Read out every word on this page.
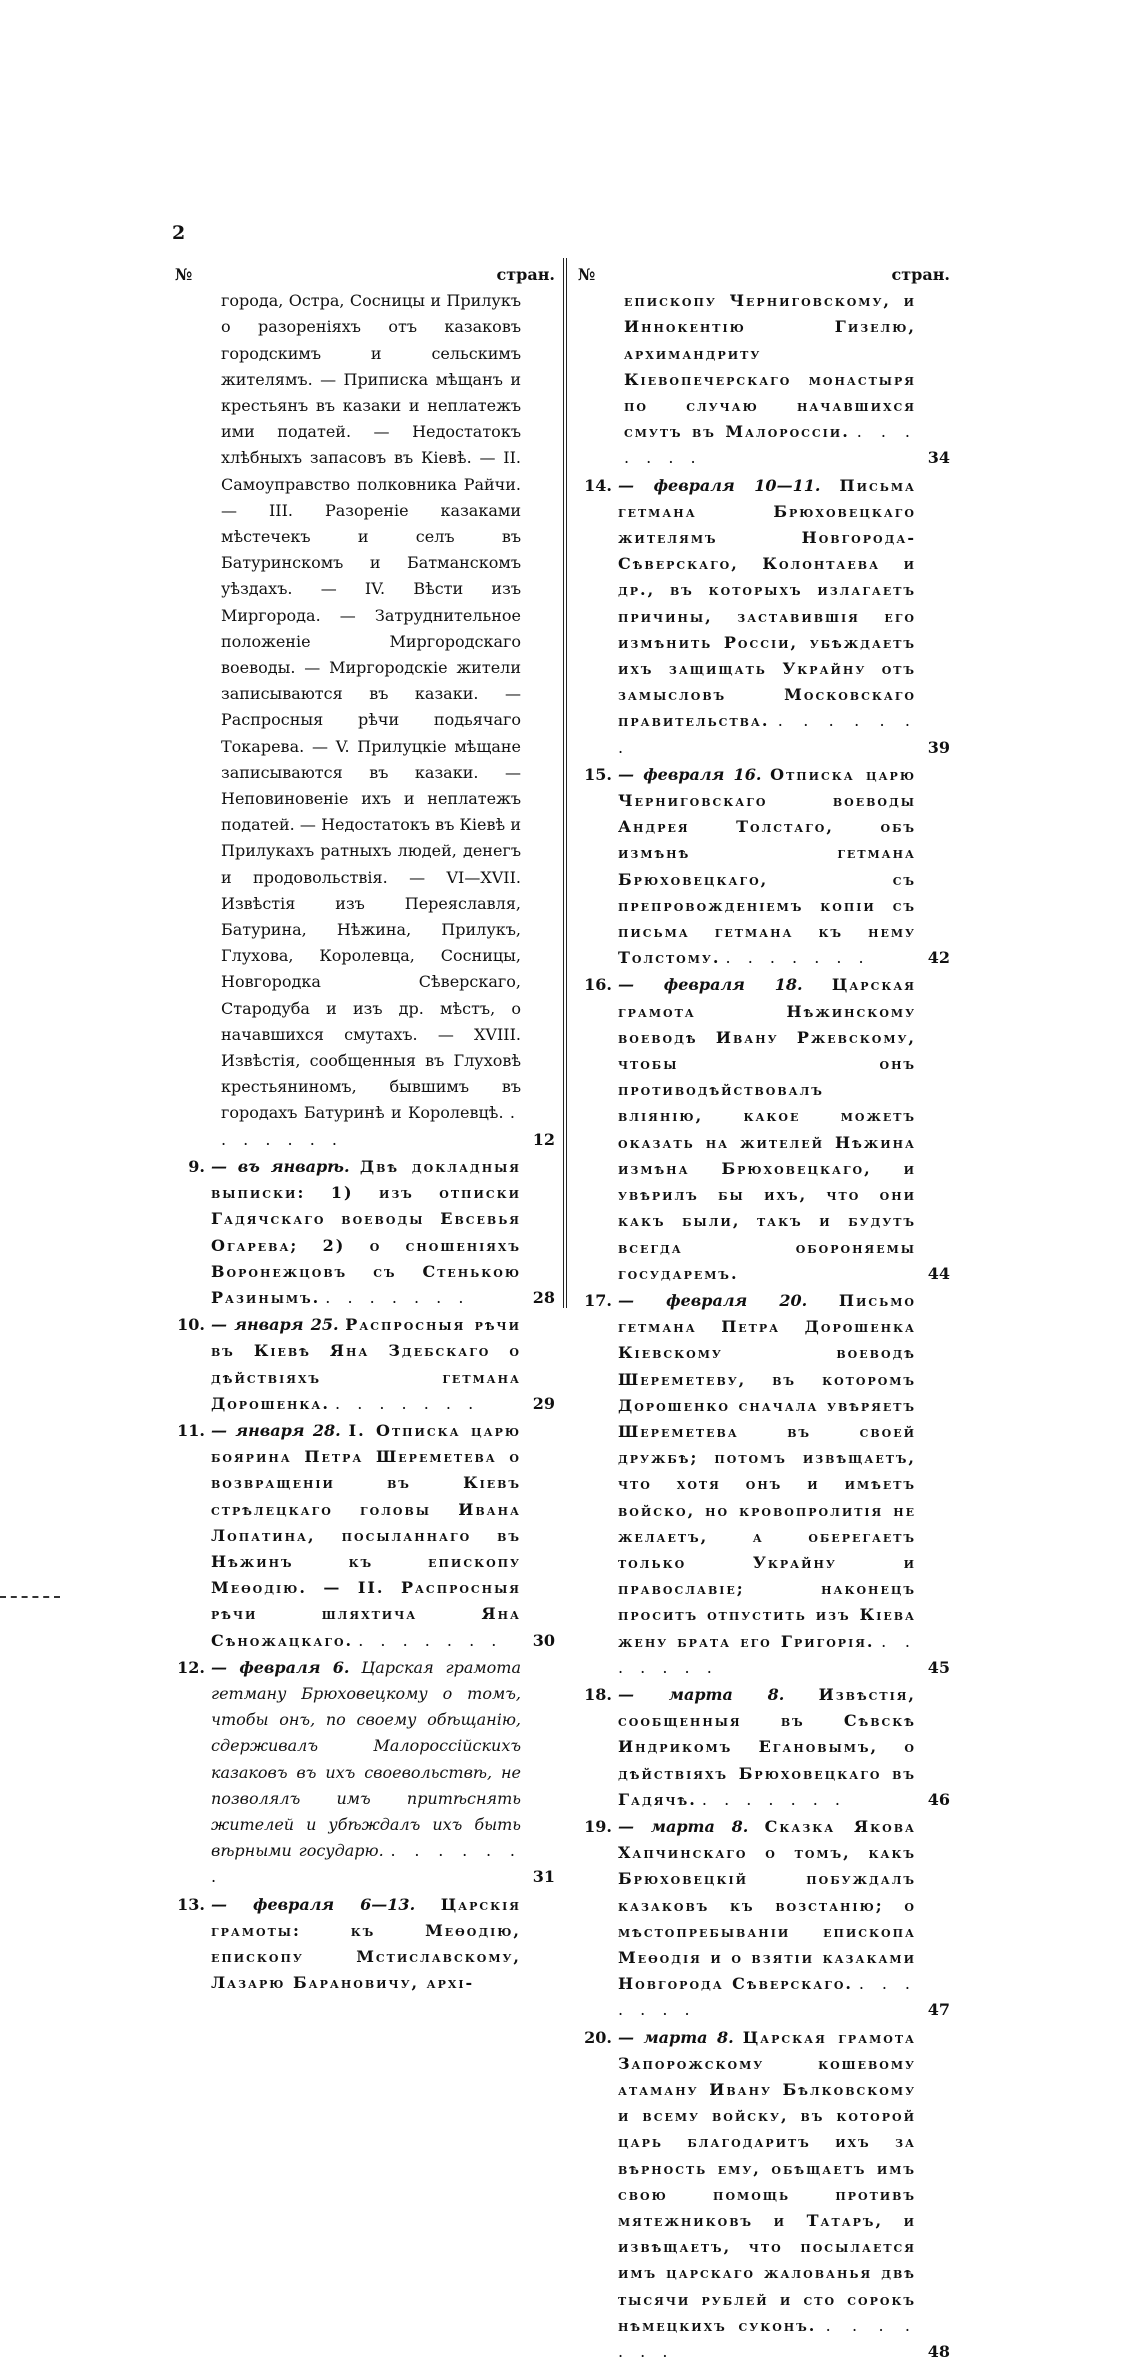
2
№	стран.
города, Остра, Сосницы и Прилукъ о разореніяхъ отъ казаковъ городскимъ и сельскимъ жителямъ. — Приписка мѣщанъ и крестьянъ въ казаки и неплатежъ ими податей. — Недостатокъ хлѣбныхъ запасовъ въ Кіевѣ. — II. Самоуправство полковника Райчи. — III. Разореніе казаками мѣстечекъ и селъ въ Батуринскомъ и Батманскомъ уѣздахъ. — IV. Вѣсти изъ Миргорода. — Затруднительное положеніе Миргородскаго воеводы. — Миргородскіе жители записываются въ казаки. — Распросныя рѣчи подьячаго Токарева. — V. Прилуцкіе мѣщане записываются въ казаки. — Неповиновеніе ихъ и неплатежъ податей. — Недостатокъ въ Кіевѣ и Прилукахъ ратныхъ людей, денегъ и продовольствія. — VI—XVII. Извѣстія изъ Переяславля, Батурина, Нѣжина, Прилукъ, Глухова, Королевца, Сосницы, Новгородка Сѣверскаго, Стародуба и изъ др. мѣстъ, о начавшихся смутахъ. — XVIII. Извѣстія, сообщенныя въ Глуховѣ крестьяниномъ, бывшимъ въ городахъ Батуринѣ и Королевцѣ. . . . . . . .	12
9. — въ январѣ. Двѣ докладныя выписки: 1) изъ отписки Гадячскаго воеводы Евсевья Огарева; 2) о сношеніяхъ Воронежцовъ съ Стенькою Разинымъ. . . . . . . .	28
10. — января 25. Распросныя рѣчи въ Кіевѣ Яна Здебскаго о дѣйствіяхъ гетмана Дорошенка. . . . . . . .	29
11. — января 28. I. Отписка царю боярина Петра Шереметева о возвращеніи въ Кіевъ стрѣлецкаго головы Ивана Лопатина, посыланнаго въ Нѣжинъ къ епископу Меѳодію. — II. Распросныя рѣчи шляхтича Яна Сѣножацкаго. . . . . . . .	30
12. — февраля 6. Царская грамота гетману Брюховецкому о томъ, чтобы онъ, по своему обѣщанію, сдерживалъ Малороссійскихъ казаковъ въ ихъ своевольствѣ, не позволялъ имъ притѣснять жителей и убѣждалъ ихъ быть вѣрными государю. . . . . . . .	31
13. — февраля 6—13. Царскія грамоты: къ Меѳодію, епископу Мстиславскому, Лазарю Барановичу, архі-
№	стран.
епископу Черниговскому, и Иннокентію Гизелю, архимандриту Кіевопечерскаго монастыря по случаю начавшихся смутъ въ Малороссіи. . . . . . . .	34
14. — февраля 10—11. Письма гетмана Брюховецкаго жителямъ Новгорода-Сѣверскаго, Колонтаева и др., въ которыхъ излагаетъ причины, заставившія его измѣнить Россіи, убѣждаетъ ихъ защищать Украйну отъ замысловъ Московскаго правительства. . . . . . . .	39
15. — февраля 16. Отписка царю Черниговскаго воеводы Андрея Толстаго, объ измѣнѣ гетмана Брюховецкаго, съ препровожденіемъ копіи съ письма гетмана къ нему Толстому. . . . . . . .	42
16. — февраля 18. Царская грамота Нѣжинскому воеводѣ Ивану Ржевскому, чтобы онъ противодѣйствовалъ вліянію, какое можетъ оказать на жителей Нѣжина измѣна Брюховецкаго, и увѣрилъ бы ихъ, что они какъ были, такъ и будутъ всегда обороняемы государемъ.	44
17. — февраля 20. Письмо гетмана Петра Дорошенка Кіевскому воеводѣ Шереметеву, въ которомъ Дорошенко сначала увѣряетъ Шереметева въ своей дружбѣ; потомъ извѣщаетъ, что хотя онъ и имѣетъ войско, но кровопролитія не желаетъ, а оберегаетъ только Украйну и православіе; наконецъ проситъ отпустить изъ Кіева жену брата его Григорія. . . . . . . .	45
18. — марта 8. Извѣстія, сообщенныя въ Сѣвскѣ Индрикомъ Егановымъ, о дѣйствіяхъ Брюховецкаго въ Гадячѣ. . . . . . . .	46
19. — марта 8. Сказка Якова Хапчинскаго о томъ, какъ Брюховецкій побуждалъ казаковъ къ возстанію; о мѣстопребываніи епископа Меѳодія и о взятіи казаками Новгорода Сѣверскаго. . . . . . . .	47
20. — марта 8. Царская грамота Запорожскому кошевому атаману Ивану Бѣлковскому и всему войску, въ которой царь благодаритъ ихъ за вѣрность ему, обѣщаетъ имъ свою помощь противъ мятежниковъ и Татаръ, и извѣщаетъ, что посылается имъ царскаго жалованья двѣ тысячи рублей и сто сорокъ нѣмецкихъ суконъ. . . . . . . .	48
